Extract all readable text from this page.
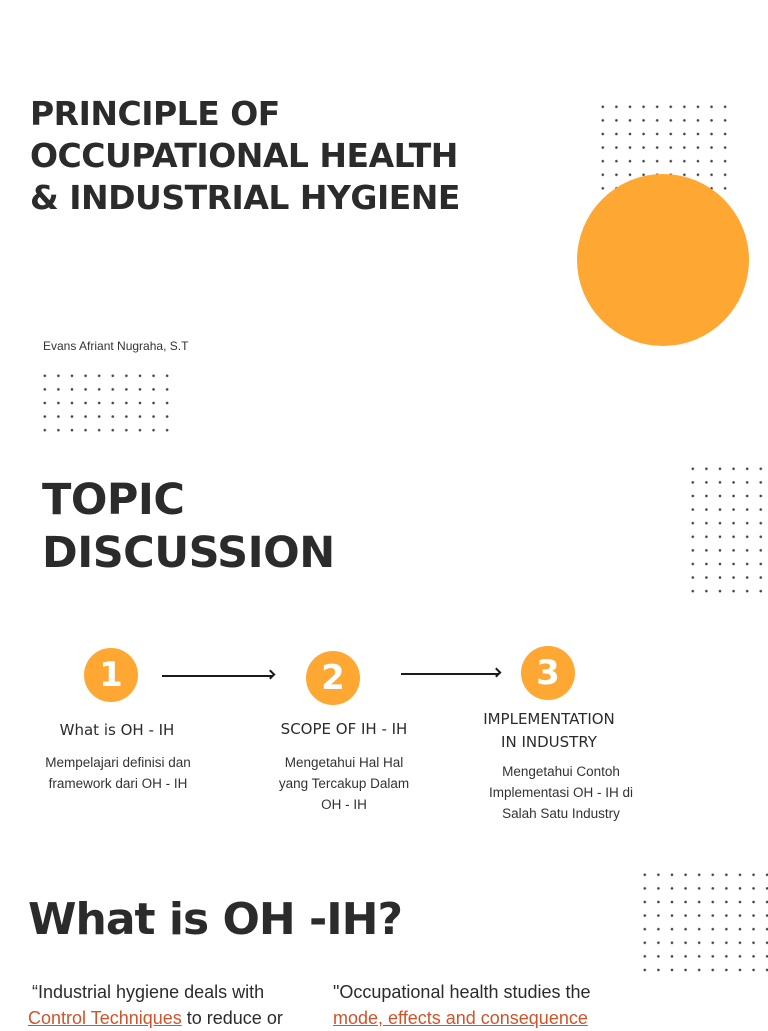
PRINCIPLE OF
OCCUPATIONAL HEALTH
& INDUSTRIAL HYGIENE
Evans Afriant Nugraha, S.T
TOPIC
DISCUSSION
1
What is OH - IH
Mempelajari definisi dan
framework dari OH - IH
2
SCOPE OF IH - IH
Mengetahui Hal Hal
yang Tercakup Dalam
OH - IH
3
IMPLEMENTATION
IN INDUSTRY
Mengetahui Contoh
Implementasi OH - IH di
Salah Satu Industry
What is OH -IH?
“Industrial hygiene deals with
Control Techniques to reduce or
"Occupational health studies the
mode, effects and consequence
